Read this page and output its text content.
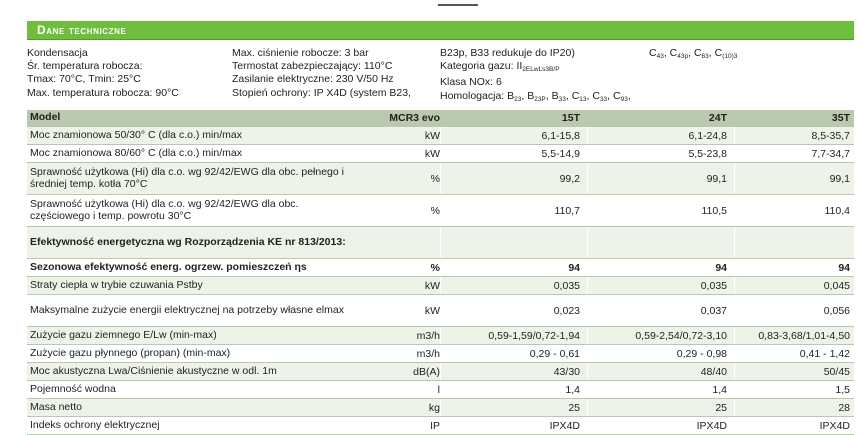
Dane techniczne
Kondensacja
Śr. temperatura robocza:
Tmax: 70°C, Tmin: 25°C
Max. temperatura robocza: 90°C
Max. ciśnienie robocze: 3 bar
Termostat zabezpieczający: 110°C
Zasilanie elektryczne: 230 V/50 Hz
Stopień ochrony: IP X4D (system B23,
B23p, B33 redukuje do IP20)
Kategoria gazu: $II_{2ELwLs3B/P}$
Klasa NOx: 6
Homologacja: $B_{23}$, $B_{23P}$, $B_{33}$, $C_{13}$, $C_{33}$, $C_{93}$,
$C_{43}$, $C_{43p}$, $C_{63}$, $C_{(10)3}$
Model	MCR3 evo	15T	24T	35T
Moc znamionowa 50/30° C (dla c.o.) min/max	kW	6,1-15,8	6,1-24,8	8,5-35,7
Moc znamionowa 80/60° C (dla c.o.) min/max	kW	5,5-14,9	5,5-23,8	7,7-34,7
Sprawność użytkowa (Hi) dla c.o. wg 92/42/EWG dla obc. pełnego i średniej temp. kotła 70°C	%	99,2	99,1	99,1
Sprawność użytkowa (Hi) dla c.o. wg 92/42/EWG dla obc. częściowego i temp. powrotu 30°C	%	110,7	110,5	110,4
Efektywność energetyczna wg Rozporządzenia KE nr 813/2013:
Sezonowa efektywność energ. ogrzew. pomieszczeń ηs	%	94	94	94
Straty ciepła w trybie czuwania Pstby	kW	0,035	0,035	0,045
Maksymalne zużycie energii elektrycznej na potrzeby własne elmax	kW	0,023	0,037	0,056
Zużycie gazu ziemnego E/Lw (min-max)	m3/h	0,59-1,59/0,72-1,94	0,59-2,54/0,72-3,10	0,83-3,68/1,01-4,50
Zużycie gazu płynnego (propan) (min-max)	m3/h	0,29 - 0,61	0,29 - 0,98	0,41 - 1,42
Moc akustyczna Lwa/Ciśnienie akustyczne w odl. 1m	dB(A)	43/30	48/40	50/45
Pojemność wodna	l	1,4	1,4	1,5
Masa netto	kg	25	25	28
Indeks ochrony elektrycznej	IP	IPX4D	IPX4D	IPX4D
